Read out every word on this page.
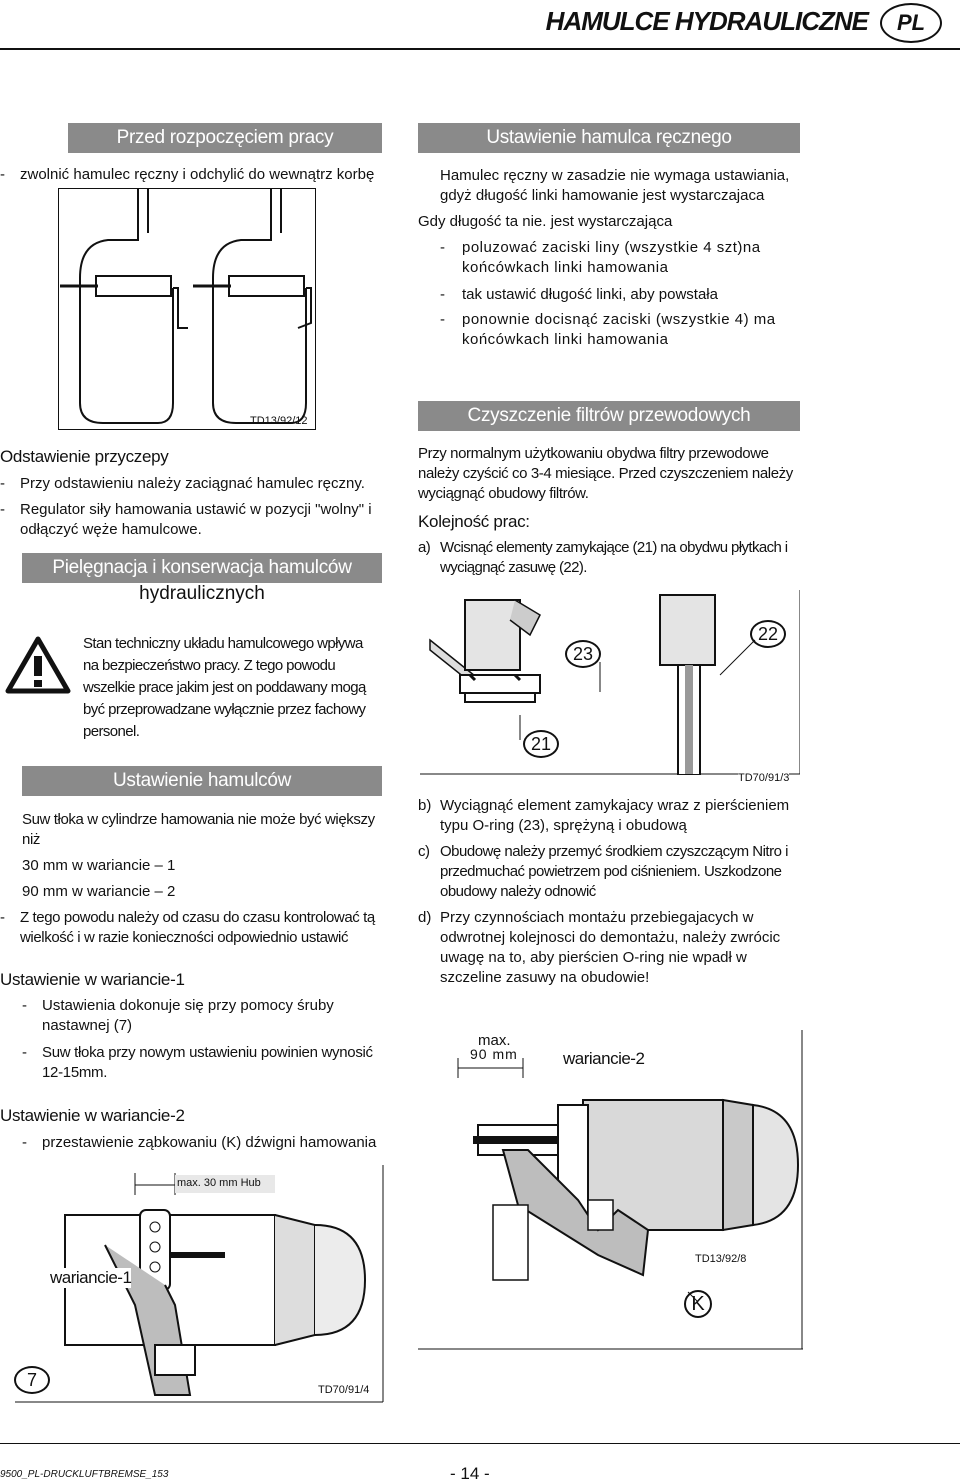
HAMULCE HYDRAULICZNE	PL
Przed rozpoczęciem pracy
-	zwolnić hamulec ręczny i odchylić do wewnątrz korbę
TD13/92/12
Odstawienie przyczepy
-	Przy odstawieniu należy zaciągnać hamulec ręczny.
-	Regulator siły hamowania ustawić w pozycji "wolny" i odłączyć węże hamulcowe.
Pielęgnacja i konserwacja hamulców
hydraulicznych
Stan techniczny układu hamulcowego wpływa
na bezpieczeństwo pracy. Z tego powodu
wszelkie prace jakim jest on poddawany mogą
być przeprowadzane wyłącznie przez fachowy
personel.
Ustawienie hamulców
Suw tłoka w cylindrze hamowania nie może być większy niż
30 mm w wariancie – 1
90 mm w wariancie – 2
-	Z tego powodu należy od czasu do czasu kontrolować tą wielkość i w razie konieczności odpowiednio ustawić
Ustawienie w wariancie-1
-	Ustawienia dokonuje się przy pomocy śruby nastawnej (7)
-	Suw tłoka przy nowym ustawieniu powinien wynosić 12-15mm.
Ustawienie w wariancie-2
-	przestawienie ząbkowaniu (K) dźwigni hamowania
max. 30 mm Hub
wariancie-1
7	TD70/91/4
Ustawienie hamulca ręcznego
Hamulec ręczny w zasadzie nie wymaga ustawiania, gdyż długość linki hamowanie jest wystarczajaca
Gdy długość ta nie. jest wystarczająca
-	poluzować zaciski liny (wszystkie 4 szt)na końcówkach linki hamowania
-	tak ustawić długość linki, aby powstała
-	ponownie docisnąć zaciski (wszystkie 4) ma końcówkach linki hamowania
Czyszczenie filtrów przewodowych
Przy normalnym użytkowaniu obydwa filtry przewodowe należy czyścić co 3-4 miesiące. Przed czyszczeniem należy wyciągnąć obudowy filtrów.
Kolejność prac:
a) Wcisnąć elementy zamykające (21) na obydwu płytkach i wyciągnąć zasuwę (22).
23
22
21
TD70/91/3
b) Wyciągnąć element zamykajacy wraz z pierścieniem typu O-ring (23), sprężyną i obudową
c) Obudowę należy przemyć środkiem czyszczącym Nitro i przedmuchać powietrzem pod ciśnieniem. Uszkodzone obudowy należy odnowić
d) Przy czynnościach montażu przebiegajacych w odwrotnej kolejnosci do demontażu, należy zwrócic uwagę na to, aby pierścien O-ring nie wpadł w szczeline zasuwy na obudowie!
max.
90 mm	wariancie-2
TD13/92/8
K
9500_PL-DRUCKLUFTBREMSE_153	- 14 -
